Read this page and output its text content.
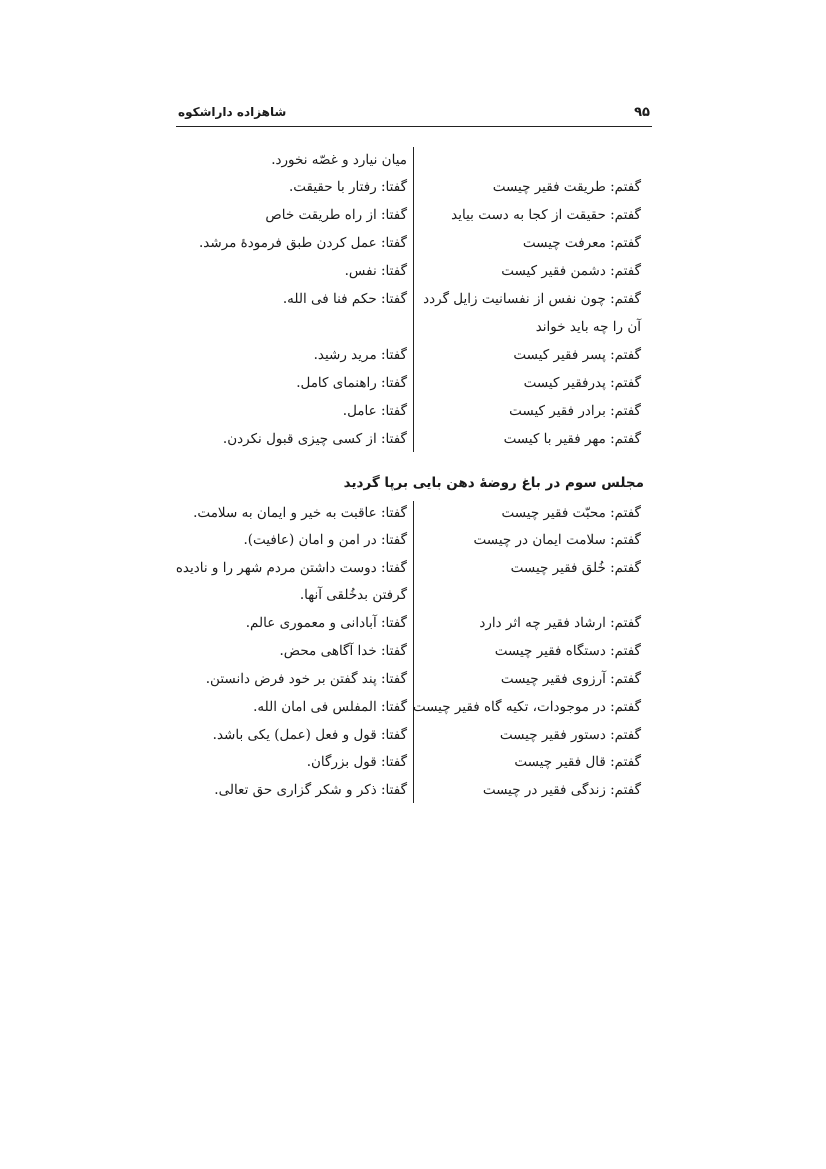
شاهزاده داراشکوه	۹۵
میان نیارد و غصّه نخورد.
گفتم: طریقت فقیر چیست
گفتا: رفتار با حقیقت.
گفتم: حقیقت از کجا به دست بیاید
گفتا: از راه طریقت خاص
گفتم: معرفت چیست
گفتا: عمل کردن طبق فرمودۀ مرشد.
گفتم: دشمن فقیر کیست
گفتا: نفس.
گفتم: چون نفس از نفسانیت زایل گردد
گفتا: حکم فنا فی الله.
آن را چه باید خواند
گفتم: پسر فقیر کیست
گفتا: مرید رشید.
گفتم: پدرفقیر کیست
گفتا: راهنمای کامل.
گفتم: برادر فقیر کیست
گفتا: عامل.
گفتم: مهر فقیر با کیست
گفتا: از کسی چیزی قبول نکردن.
مجلس سوم در باغ روضۀ دهن بایی برپا گردید
گفتم: محبّت فقیر چیست
گفتا: عاقبت به خیر و ایمان به سلامت.
گفتم: سلامت ایمان در چیست
گفتا: در امن و امان (عافیت).
گفتم: خُلق فقیر چیست
گفتا: دوست داشتن مردم شهر را و نادیده
گرفتن بدخُلقی آنها.
گفتم: ارشاد فقیر چه اثر دارد
گفتا: آبادانی و معموری عالم.
گفتم: دستگاه فقیر چیست
گفتا: خدا آگاهی محض.
گفتم: آرزوی فقیر چیست
گفتا: پند گفتن بر خود فرض دانستن.
گفتم: در موجودات، تکیه گاه فقیر چیست
گفتا: المفلس فی امان الله.
گفتم: دستور فقیر چیست
گفتا: قول و فعل (عمل) یکی باشد.
گفتم: قال فقیر چیست
گفتا: قول بزرگان.
گفتم: زندگی فقیر در چیست
گفتا: ذکر و شکر گزاری حق تعالی.
